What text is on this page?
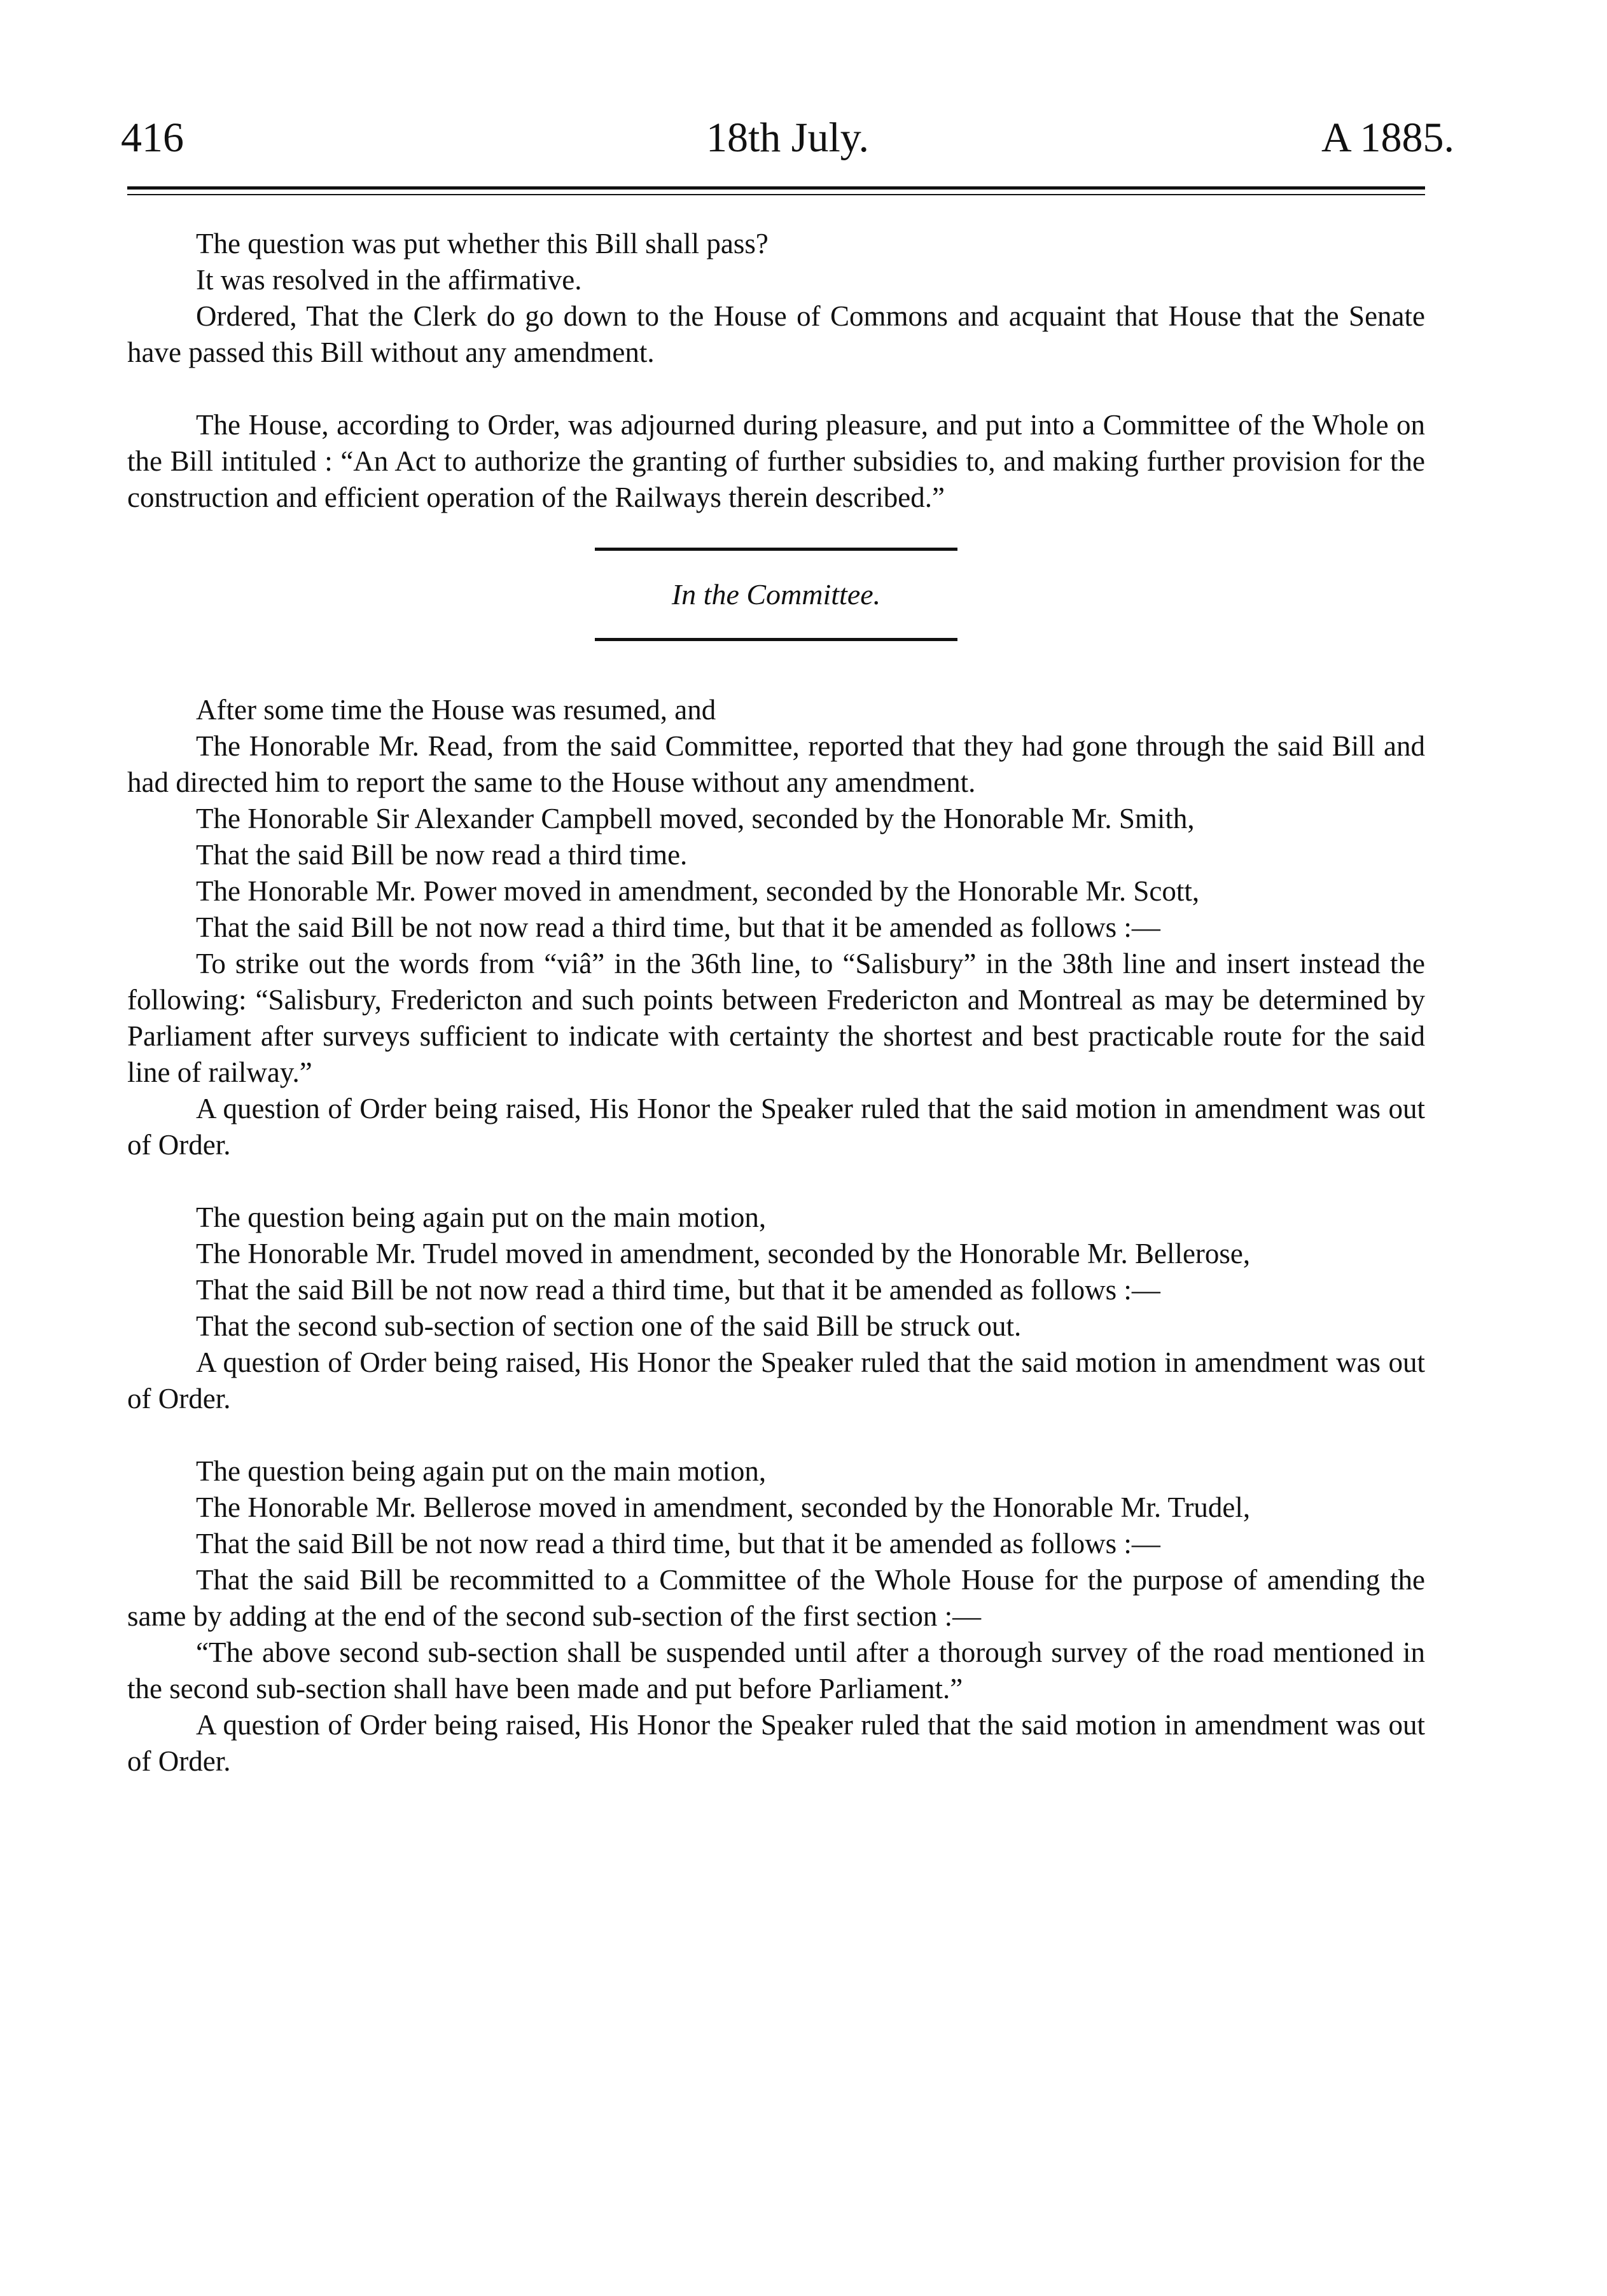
416	18th July.	A 1885.

The question was put whether this Bill shall pass?

It was resolved in the affirmative.

Ordered, That the Clerk do go down to the House of Commons and acquaint that House that the Senate have passed this Bill without any amendment.

The House, according to Order, was adjourned during pleasure, and put into a Committee of the Whole on the Bill intituled : “An Act to authorize the granting of further subsidies to, and making further provision for the construction and efficient operation of the Railways therein described.”

In the Committee.

After some time the House was resumed, and

The Honorable Mr. Read, from the said Committee, reported that they had gone through the said Bill and had directed him to report the same to the House without any amendment.

The Honorable Sir Alexander Campbell moved, seconded by the Honorable Mr. Smith,

That the said Bill be now read a third time.

The Honorable Mr. Power moved in amendment, seconded by the Honorable Mr. Scott,

That the said Bill be not now read a third time, but that it be amended as follows :—

To strike out the words from “viâ” in the 36th line, to “Salisbury” in the 38th line and insert instead the following: “Salisbury, Fredericton and such points between Fredericton and Montreal as may be determined by Parliament after surveys sufficient to indicate with certainty the shortest and best practicable route for the said line of railway.”

A question of Order being raised, His Honor the Speaker ruled that the said motion in amendment was out of Order.

The question being again put on the main motion,

The Honorable Mr. Trudel moved in amendment, seconded by the Honorable Mr. Bellerose,

That the said Bill be not now read a third time, but that it be amended as follows :—

That the second sub-section of section one of the said Bill be struck out.

A question of Order being raised, His Honor the Speaker ruled that the said motion in amendment was out of Order.

The question being again put on the main motion,

The Honorable Mr. Bellerose moved in amendment, seconded by the Honorable Mr. Trudel,

That the said Bill be not now read a third time, but that it be amended as follows :—

That the said Bill be recommitted to a Committee of the Whole House for the purpose of amending the same by adding at the end of the second sub-section of the first section :—

“The above second sub-section shall be suspended until after a thorough survey of the road mentioned in the second sub-section shall have been made and put before Parliament.”

A question of Order being raised, His Honor the Speaker ruled that the said motion in amendment was out of Order.
